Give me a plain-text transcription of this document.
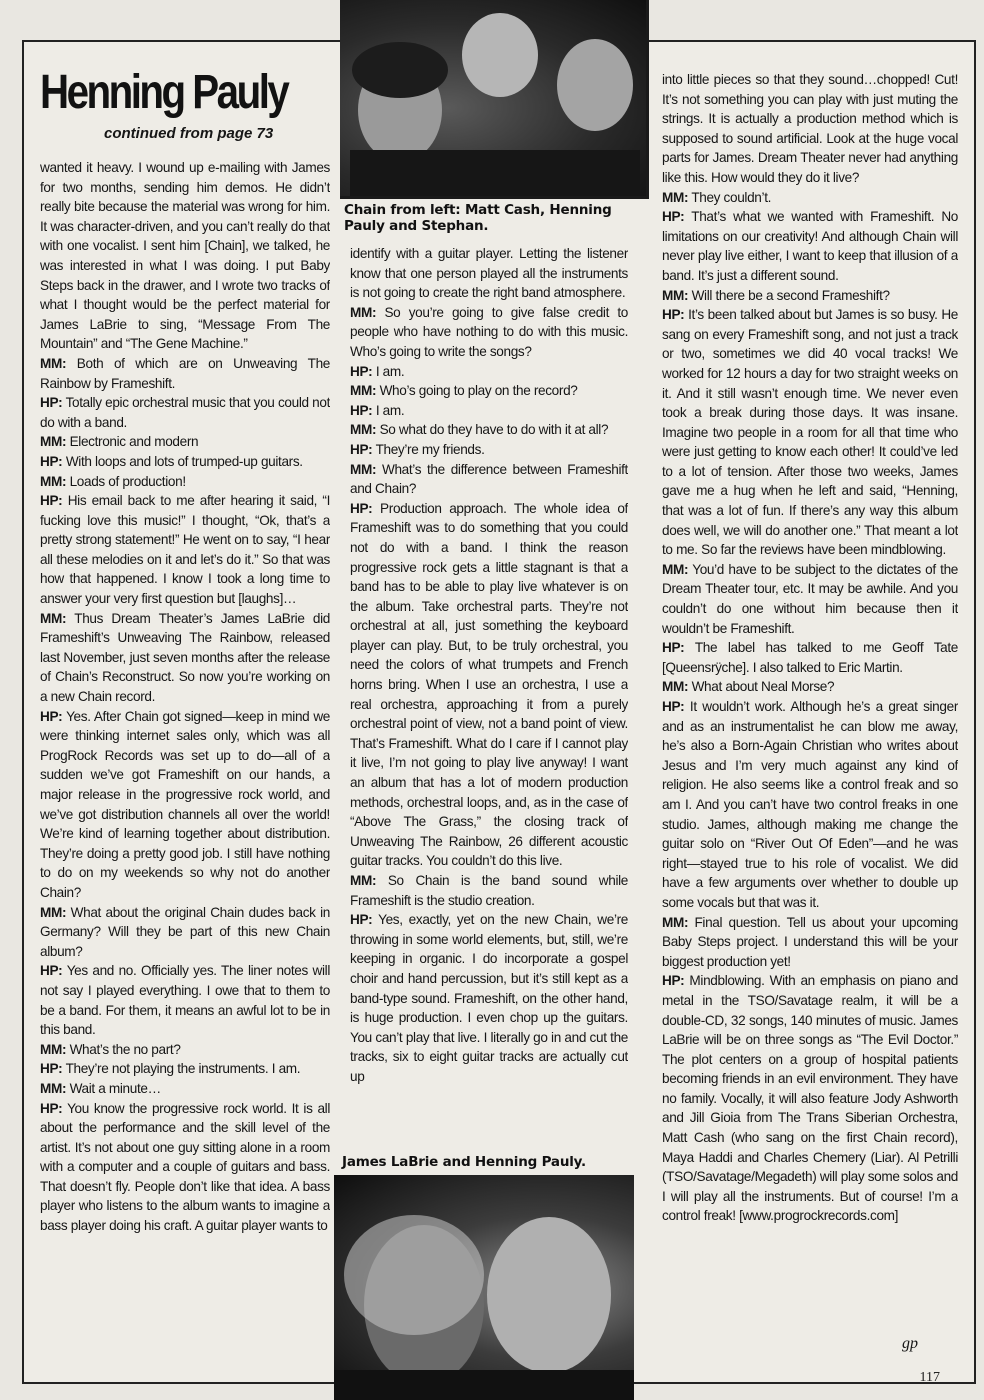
Chain from left: Matt Cash, Henning Pauly and Stephan.

Henning Pauly

continued from page 73

wanted it heavy. I wound up e-mailing with James for two months, sending him demos. He didn’t really bite because the material was wrong for him. It was character-driven, and you can’t really do that with one vocalist. I sent him [Chain], we talked, he was interested in what I was doing. I put Baby Steps back in the drawer, and I wrote two tracks of what I thought would be the perfect material for James LaBrie to sing, “Message From The Mountain” and “The Gene Machine.”

MM: Both of which are on Unweaving The Rainbow by Frameshift.

HP: Totally epic orchestral music that you could not do with a band.

MM: Electronic and modern

HP: With loops and lots of trumped-up guitars.

MM: Loads of production!

HP: His email back to me after hearing it said, “I fucking love this music!” I thought, “Ok, that’s a pretty strong statement!” He went on to say, “I hear all these melodies on it and let’s do it.” So that was how that happened. I know I took a long time to answer your very first question but [laughs]…

MM: Thus Dream Theater’s James LaBrie did Frameshift’s Unweaving The Rainbow, released last November, just seven months after the release of Chain’s Reconstruct. So now you’re working on a new Chain record.

HP: Yes. After Chain got signed—keep in mind we were thinking internet sales only, which was all ProgRock Records was set up to do—all of a sudden we’ve got Frameshift on our hands, a major release in the progressive rock world, and we’ve got distribution channels all over the world! We’re kind of learning together about distribution. They’re doing a pretty good job. I still have nothing to do on my weekends so why not do another Chain?

MM: What about the original Chain dudes back in Germany? Will they be part of this new Chain album?

HP: Yes and no. Officially yes. The liner notes will not say I played everything. I owe that to them to be a band. For them, it means an awful lot to be in this band.

MM: What’s the no part?

HP: They’re not playing the instruments. I am.

MM: Wait a minute…

HP: You know the progressive rock world. It is all about the performance and the skill level of the artist. It’s not about one guy sitting alone in a room with a computer and a couple of guitars and bass. That doesn’t fly. People don’t like that idea. A bass player who listens to the album wants to imagine a bass player doing his craft. A guitar player wants to

identify with a guitar player. Letting the listener know that one person played all the instruments is not going to create the right band atmosphere.

MM: So you’re going to give false credit to people who have nothing to do with this music. Who’s going to write the songs?

HP: I am.

MM: Who’s going to play on the record?

HP: I am.

MM: So what do they have to do with it at all?

HP: They’re my friends.

MM: What’s the difference between Frameshift and Chain?

HP: Production approach. The whole idea of Frameshift was to do something that you could not do with a band. I think the reason progressive rock gets a little stagnant is that a band has to be able to play live whatever is on the album. Take orchestral parts. They’re not orchestral at all, just something the keyboard player can play. But, to be truly orchestral, you need the colors of what trumpets and French horns bring. When I use an orchestra, I use a real orchestra, approaching it from a purely orchestral point of view, not a band point of view. That’s Frameshift. What do I care if I cannot play it live, I’m not going to play live anyway! I want an album that has a lot of modern production methods, orchestral loops, and, as in the case of “Above The Grass,” the closing track of Unweaving The Rainbow, 26 different acoustic guitar tracks. You couldn’t do this live.

MM: So Chain is the band sound while Frameshift is the studio creation.

HP: Yes, exactly, yet on the new Chain, we’re throwing in some world elements, but, still, we’re keeping in organic. I do incorporate a gospel choir and hand percussion, but it’s still kept as a band-type sound. Frameshift, on the other hand, is huge production. I even chop up the guitars. You can’t play that live. I literally go in and cut the tracks, six to eight guitar tracks are actually cut up

into little pieces so that they sound…chopped! Cut! It’s not something you can play with just muting the strings. It is actually a production method which is supposed to sound artificial. Look at the huge vocal parts for James. Dream Theater never had anything like this. How would they do it live?

MM: They couldn’t.

HP: That’s what we wanted with Frameshift. No limitations on our creativity! And although Chain will never play live either, I want to keep that illusion of a band. It’s just a different sound.

MM: Will there be a second Frameshift?

HP: It’s been talked about but James is so busy. He sang on every Frameshift song, and not just a track or two, sometimes we did 40 vocal tracks! We worked for 12 hours a day for two straight weeks on it. And it still wasn’t enough time. We never even took a break during those days. It was insane. Imagine two people in a room for all that time who were just getting to know each other! It could’ve led to a lot of tension. After those two weeks, James gave me a hug when he left and said, “Henning, that was a lot of fun. If there’s any way this album does well, we will do another one.” That meant a lot to me. So far the reviews have been mindblowing.

MM: You’d have to be subject to the dictates of the Dream Theater tour, etc. It may be awhile. And you couldn’t do one without him because then it wouldn’t be Frameshift.

HP: The label has talked to me Geoff Tate [Queensrÿche]. I also talked to Eric Martin.

MM: What about Neal Morse?

HP: It wouldn’t work. Although he’s a great singer and as an instrumentalist he can blow me away, he’s also a Born-Again Christian who writes about Jesus and I’m very much against any kind of religion. He also seems like a control freak and so am I. And you can’t have two control freaks in one studio. James, although making me change the guitar solo on “River Out Of Eden”—and he was right—stayed true to his role of vocalist. We did have a few arguments over whether to double up some vocals but that was it.

MM: Final question. Tell us about your upcoming Baby Steps project. I understand this will be your biggest production yet!

HP: Mindblowing. With an emphasis on piano and metal in the TSO/Savatage realm, it will be a double-CD, 32 songs, 140 minutes of music. James LaBrie will be on three songs as “The Evil Doctor.” The plot centers on a group of hospital patients becoming friends in an evil environment. They have no family. Vocally, it will also feature Jody Ashworth and Jill Gioia from The Trans Siberian Orchestra, Matt Cash (who sang on the first Chain record), Maya Haddi and Charles Chemery (Liar). Al Petrilli (TSO/Savatage/Megadeth) will play some solos and I will play all the instruments. But of course! I’m a control freak! [www.progrockrecords.com]

James LaBrie and Henning Pauly.

gp

117
